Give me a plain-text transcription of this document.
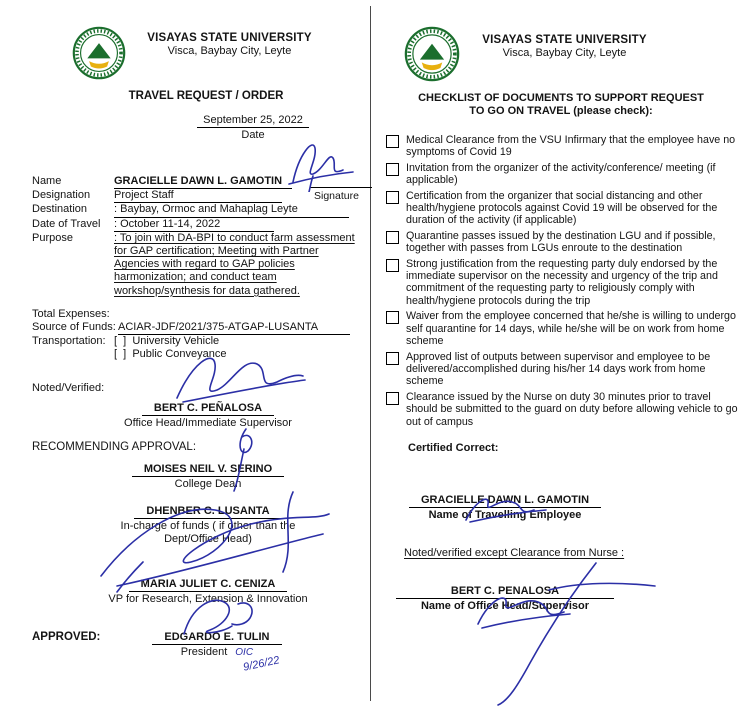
VISAYAS STATE UNIVERSITY
Visca, Baybay City, Leyte
TRAVEL REQUEST / ORDER
September 25, 2022
Date
Signature
Name	GRACIELLE DAWN L. GAMOTIN
Designation	Project Staff
Destination	: Baybay, Ormoc and Mahaplag Leyte
Date of Travel	: October 11-14, 2022
Purpose	: To join with DA-BPI to conduct farm assessment for GAP certification; Meeting with Partner Agencies with regard to GAP policies harmonization; and conduct team workshop/synthesis for data gathered.
Total Expenses:
Source of Funds: ACIAR-JDF/2021/375-ATGAP-LUSANTA
Transportation: [  ]  University Vehicle
[  ]  Public Conveyance
Noted/Verified:
BERT C. PEÑALOSA
Office Head/Immediate Supervisor
RECOMMENDING APPROVAL:
MOISES NEIL V. SERINO
College Dean
DHENBER C. LUSANTA
In-charge of funds ( if other than the
Dept/Office Head)
MARIA JULIET C. CENIZA
VP for Research, Extension & Innovation
APPROVED:	EDGARDO E. TULIN
President OIC
9/26/22
VISAYAS STATE UNIVERSITY
Visca, Baybay City, Leyte
CHECKLIST OF DOCUMENTS TO SUPPORT REQUEST
TO GO ON TRAVEL (please check):
Medical Clearance from the VSU Infirmary that the employee have no symptoms of Covid 19
Invitation from the organizer of the activity/conference/ meeting (if applicable)
Certification from the organizer that social distancing and other health/hygiene protocols against Covid 19 will be observed for the duration of the activity (if applicable)
Quarantine passes issued by the destination LGU and if possible, together with passes from LGUs enroute to the destination
Strong justification from the requesting party duly endorsed by the immediate supervisor on the necessity and urgency of the trip and commitment of the requesting party to religiously comply with health/hygiene protocols during the trip
Waiver from the employee concerned that he/she is willing to undergo self quarantine for 14 days, while he/she will be on work from home scheme
Approved list of outputs between supervisor and employee to be delivered/accomplished during his/her 14 days work from home scheme
Clearance issued by the Nurse on duty 30 minutes prior to travel should be submitted to the guard on duty before allowing vehicle to go out of campus
Certified Correct:
GRACIELLE DAWN L. GAMOTIN
Name of Travelling Employee
Noted/verified except Clearance from Nurse :
BERT C. PENALOSA
Name of Office Head/Supervisor
